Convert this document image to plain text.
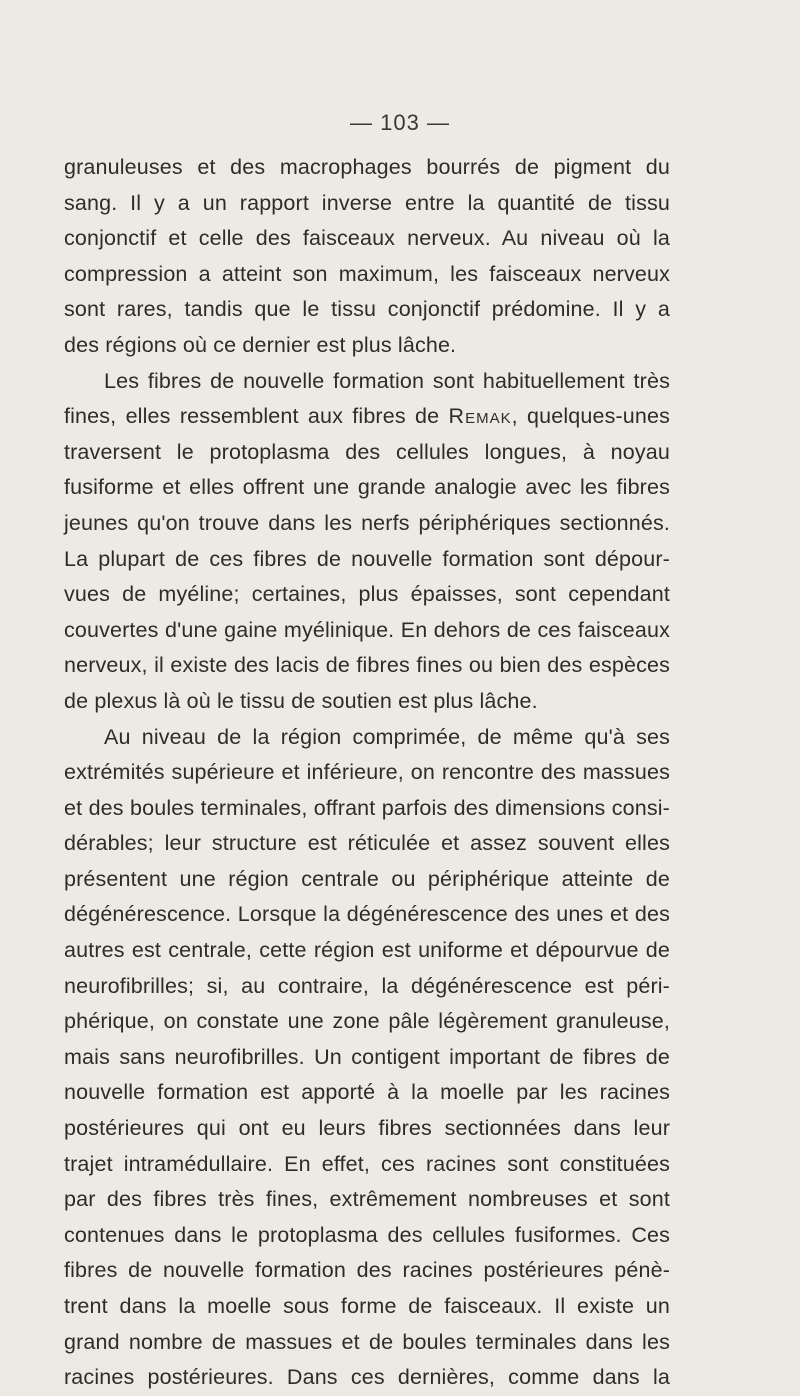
— 103 —
granuleuses et des macrophages bourrés de pigment du
sang. Il y a un rapport inverse entre la quantité de tissu
conjonctif et celle des faisceaux nerveux. Au niveau où la
compression a atteint son maximum, les faisceaux nerveux
sont rares, tandis que le tissu conjonctif prédomine. Il y a
des régions où ce dernier est plus lâche.
Les fibres de nouvelle formation sont habituellement très
fines, elles ressemblent aux fibres de Remak, quelques-unes
traversent le protoplasma des cellules longues, à noyau
fusiforme et elles offrent une grande analogie avec les fibres
jeunes qu'on trouve dans les nerfs périphériques sectionnés.
La plupart de ces fibres de nouvelle formation sont dépour-
vues de myéline; certaines, plus épaisses, sont cependant
couvertes d'une gaine myélinique. En dehors de ces faisceaux
nerveux, il existe des lacis de fibres fines ou bien des espèces
de plexus là où le tissu de soutien est plus lâche.
Au niveau de la région comprimée, de même qu'à ses
extrémités supérieure et inférieure, on rencontre des massues
et des boules terminales, offrant parfois des dimensions consi-
dérables; leur structure est réticulée et assez souvent elles
présentent une région centrale ou périphérique atteinte de
dégénérescence. Lorsque la dégénérescence des unes et des
autres est centrale, cette région est uniforme et dépourvue de
neurofibrilles; si, au contraire, la dégénérescence est péri-
phérique, on constate une zone pâle légèrement granuleuse,
mais sans neurofibrilles. Un contigent important de fibres de
nouvelle formation est apporté à la moelle par les racines
postérieures qui ont eu leurs fibres sectionnées dans leur
trajet intramédullaire. En effet, ces racines sont constituées
par des fibres très fines, extrêmement nombreuses et sont
contenues dans le protoplasma des cellules fusiformes. Ces
fibres de nouvelle formation des racines postérieures pénè-
trent dans la moelle sous forme de faisceaux. Il existe un
grand nombre de massues et de boules terminales dans les
racines postérieures. Dans ces dernières, comme dans la
